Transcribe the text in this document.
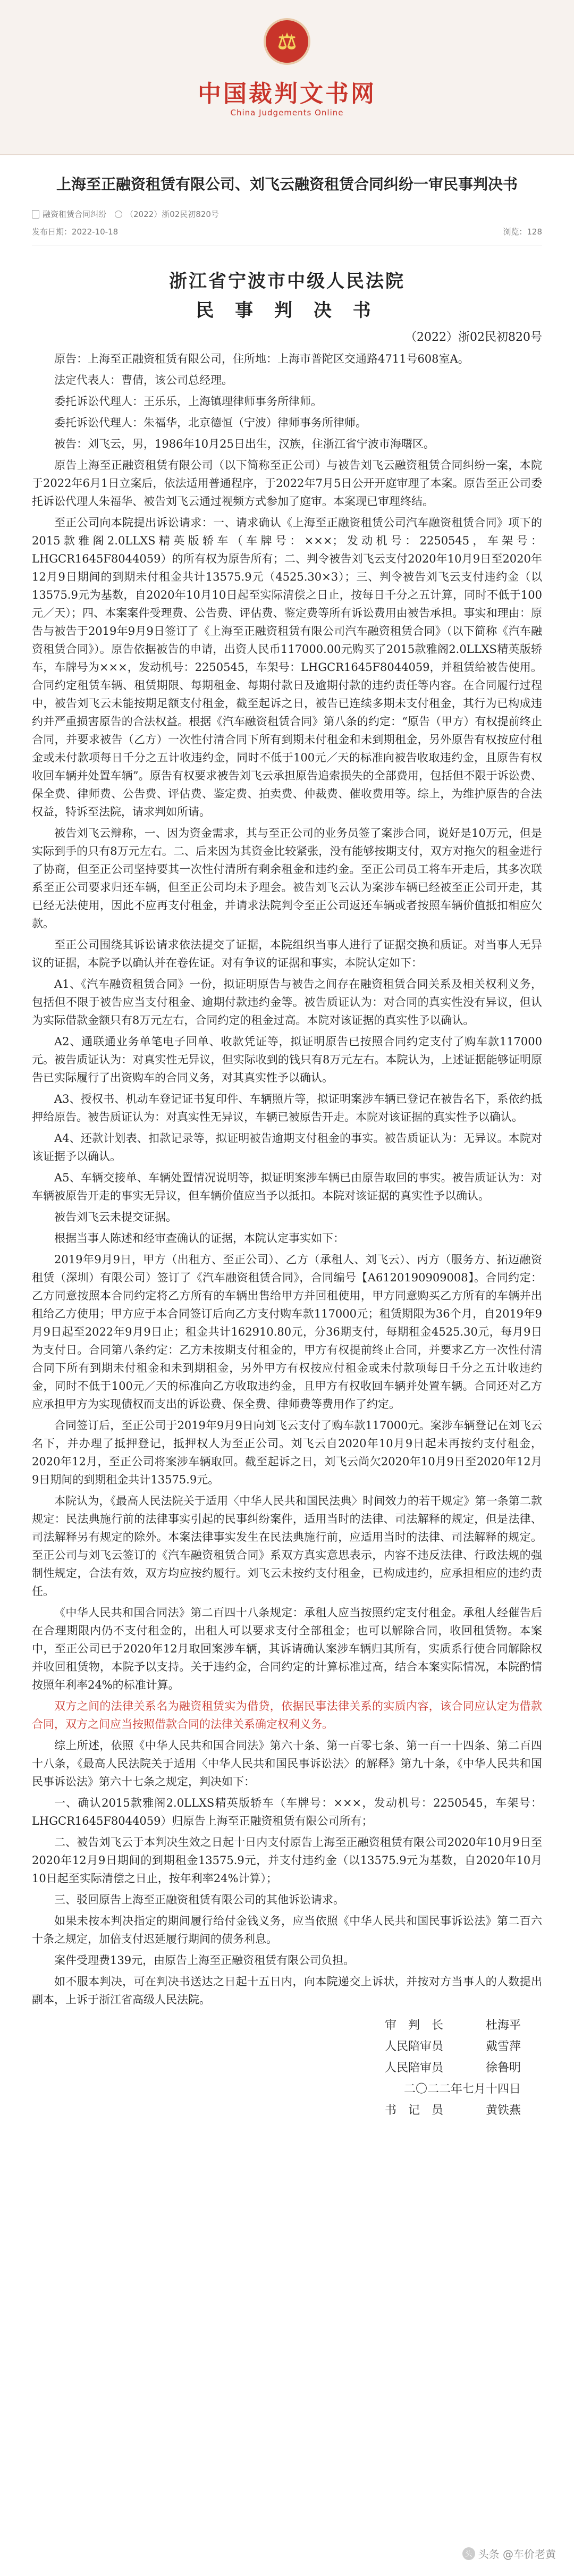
⚖
中国裁判文书网
China Judgements Online
上海至正融资租赁有限公司、刘飞云融资租赁合同纠纷一审民事判决书
融资租赁合同纠纷 （2022）浙02民初820号
发布日期：2022-10-18	浏览：128
浙江省宁波市中级人民法院
民 事 判 决 书
（2022）浙02民初820号

原告：上海至正融资租赁有限公司，住所地：上海市普陀区交通路4711号608室A。

法定代表人：曹倩，该公司总经理。

委托诉讼代理人：王乐乐，上海镇理律师事务所律师。

委托诉讼代理人：朱福华，北京德恒（宁波）律师事务所律师。

被告：刘飞云，男，1986年10月25日出生，汉族，住浙江省宁波市海曙区。

原告上海至正融资租赁有限公司（以下简称至正公司）与被告刘飞云融资租赁合同纠纷一案，本院于2022年6月1日立案后，依法适用普通程序，于2022年7月5日公开开庭审理了本案。原告至正公司委托诉讼代理人朱福华、被告刘飞云通过视频方式参加了庭审。本案现已审理终结。

至正公司向本院提出诉讼请求：一、请求确认《上海至正融资租赁公司汽车融资租赁合同》项下的2015款雅阁2.0LLXS精英版轿车（车牌号：×××；发动机号：2250545，车架号：LHGCR1645F8044059）的所有权为原告所有；二、判令被告刘飞云支付2020年10月9日至2020年12月9日期间的到期未付租金共计13575.9元（4525.30×3）；三、判令被告刘飞云支付违约金（以13575.9元为基数，自2020年10月10日起至实际清偿之日止，按每日千分之五计算，同时不低于100元／天）；四、本案案件受理费、公告费、评估费、鉴定费等所有诉讼费用由被告承担。事实和理由：原告与被告于2019年9月9日签订了《上海至正融资租赁有限公司汽车融资租赁合同》（以下简称《汽车融资租赁合同》）。原告依据被告的申请，出资人民币117000.00元购买了2015款雅阁2.0LLXS精英版轿车，车牌号为×××，发动机号：2250545，车架号：LHGCR1645F8044059，并租赁给被告使用。合同约定租赁车辆、租赁期限、每期租金、每期付款日及逾期付款的违约责任等内容。在合同履行过程中，被告刘飞云未能按期足额支付租金，截至起诉之日，被告已连续多期未支付租金，其行为已构成违约并严重损害原告的合法权益。根据《汽车融资租赁合同》第八条的约定：“原告（甲方）有权提前终止合同，并要求被告（乙方）一次性付清合同下所有到期未付租金和未到期租金，另外原告有权按应付租金或未付款项每日千分之五计收违约金，同时不低于100元／天的标准向被告收取违约金，且原告有权收回车辆并处置车辆”。原告有权要求被告刘飞云承担原告追索损失的全部费用，包括但不限于诉讼费、保全费、律师费、公告费、评估费、鉴定费、拍卖费、仲裁费、催收费用等。综上，为维护原告的合法权益，特诉至法院，请求判如所请。

被告刘飞云辩称，一、因为资金需求，其与至正公司的业务员签了案涉合同，说好是10万元，但是实际到手的只有8万元左右。二、后来因为其资金比较紧张，没有能够按期支付，双方对拖欠的租金进行了协商，但至正公司坚持要其一次性付清所有剩余租金和违约金。至正公司员工将车开走后，其多次联系至正公司要求归还车辆，但至正公司均未予理会。被告刘飞云认为案涉车辆已经被至正公司开走，其已经无法使用，因此不应再支付租金，并请求法院判令至正公司返还车辆或者按照车辆价值抵扣相应欠款。

至正公司围绕其诉讼请求依法提交了证据，本院组织当事人进行了证据交换和质证。对当事人无异议的证据，本院予以确认并在卷佐证。对有争议的证据和事实，本院认定如下：

A1、《汽车融资租赁合同》一份，拟证明原告与被告之间存在融资租赁合同关系及相关权利义务，包括但不限于被告应当支付租金、逾期付款违约金等。被告质证认为：对合同的真实性没有异议，但认为实际借款金额只有8万元左右，合同约定的租金过高。本院对该证据的真实性予以确认。

A2、通联通业务单笔电子回单、收款凭证等，拟证明原告已按照合同约定支付了购车款117000元。被告质证认为：对真实性无异议，但实际收到的钱只有8万元左右。本院认为，上述证据能够证明原告已实际履行了出资购车的合同义务，对其真实性予以确认。

A3、授权书、机动车登记证书复印件、车辆照片等，拟证明案涉车辆已登记在被告名下，系依约抵押给原告。被告质证认为：对真实性无异议，车辆已被原告开走。本院对该证据的真实性予以确认。

A4、还款计划表、扣款记录等，拟证明被告逾期支付租金的事实。被告质证认为：无异议。本院对该证据予以确认。

A5、车辆交接单、车辆处置情况说明等，拟证明案涉车辆已由原告取回的事实。被告质证认为：对车辆被原告开走的事实无异议，但车辆价值应当予以抵扣。本院对该证据的真实性予以确认。

被告刘飞云未提交证据。

根据当事人陈述和经审查确认的证据，本院认定事实如下：

2019年9月9日，甲方（出租方、至正公司）、乙方（承租人、刘飞云）、丙方（服务方、拓迈融资租赁（深圳）有限公司）签订了《汽车融资租赁合同》，合同编号【A6120190909008】。合同约定：乙方同意按照本合同约定将乙方所有的车辆出售给甲方并回租使用，甲方同意购买乙方所有的车辆并出租给乙方使用；甲方应于本合同签订后向乙方支付购车款117000元；租赁期限为36个月，自2019年9月9日起至2022年9月9日止；租金共计162910.80元，分36期支付，每期租金4525.30元，每月9日为支付日。合同第八条约定：乙方未按期支付租金的，甲方有权提前终止合同，并要求乙方一次性付清合同下所有到期未付租金和未到期租金，另外甲方有权按应付租金或未付款项每日千分之五计收违约金，同时不低于100元／天的标准向乙方收取违约金，且甲方有权收回车辆并处置车辆。合同还对乙方应承担甲方为实现债权而支出的诉讼费、保全费、律师费等费用作了约定。

合同签订后，至正公司于2019年9月9日向刘飞云支付了购车款117000元。案涉车辆登记在刘飞云名下，并办理了抵押登记，抵押权人为至正公司。刘飞云自2020年10月9日起未再按约支付租金，2020年12月，至正公司将案涉车辆取回。截至起诉之日，刘飞云尚欠2020年10月9日至2020年12月9日期间的到期租金共计13575.9元。

本院认为，《最高人民法院关于适用〈中华人民共和国民法典〉时间效力的若干规定》第一条第二款规定：民法典施行前的法律事实引起的民事纠纷案件，适用当时的法律、司法解释的规定，但是法律、司法解释另有规定的除外。本案法律事实发生在民法典施行前，应适用当时的法律、司法解释的规定。至正公司与刘飞云签订的《汽车融资租赁合同》系双方真实意思表示，内容不违反法律、行政法规的强制性规定，合法有效，双方均应按约履行。刘飞云未按约支付租金，已构成违约，应承担相应的违约责任。

《中华人民共和国合同法》第二百四十八条规定：承租人应当按照约定支付租金。承租人经催告后在合理期限内仍不支付租金的，出租人可以要求支付全部租金；也可以解除合同，收回租赁物。本案中，至正公司已于2020年12月取回案涉车辆，其诉请确认案涉车辆归其所有，实质系行使合同解除权并收回租赁物，本院予以支持。关于违约金，合同约定的计算标准过高，结合本案实际情况，本院酌情按照年利率24%的标准计算。

双方之间的法律关系名为融资租赁实为借贷，依据民事法律关系的实质内容，该合同应认定为借款合同，双方之间应当按照借款合同的法律关系确定权利义务。

综上所述，依照《中华人民共和国合同法》第六十条、第一百零七条、第一百一十四条、第二百四十八条，《最高人民法院关于适用〈中华人民共和国民事诉讼法〉的解释》第九十条，《中华人民共和国民事诉讼法》第六十七条之规定，判决如下：

一、确认2015款雅阁2.0LLXS精英版轿车（车牌号：×××，发动机号：2250545，车架号：LHGCR1645F8044059）归原告上海至正融资租赁有限公司所有；

二、被告刘飞云于本判决生效之日起十日内支付原告上海至正融资租赁有限公司2020年10月9日至2020年12月9日期间的到期租金13575.9元，并支付违约金（以13575.9元为基数，自2020年10月10日起至实际清偿之日止，按年利率24%计算）；

三、驳回原告上海至正融资租赁有限公司的其他诉讼请求。

如果未按本判决指定的期间履行给付金钱义务，应当依照《中华人民共和国民事诉讼法》第二百六十条之规定，加倍支付迟延履行期间的债务利息。

案件受理费139元，由原告上海至正融资租赁有限公司负担。

如不服本判决，可在判决书送达之日起十五日内，向本院递交上诉状，并按对方当事人的人数提出副本，上诉于浙江省高级人民法院。

审　判　长	杜海平
人民陪审员	戴雪萍
人民陪审员	徐鲁明
二〇二二年七月十四日
书　记　员	黄铁燕
头 头条 @车价老黄
